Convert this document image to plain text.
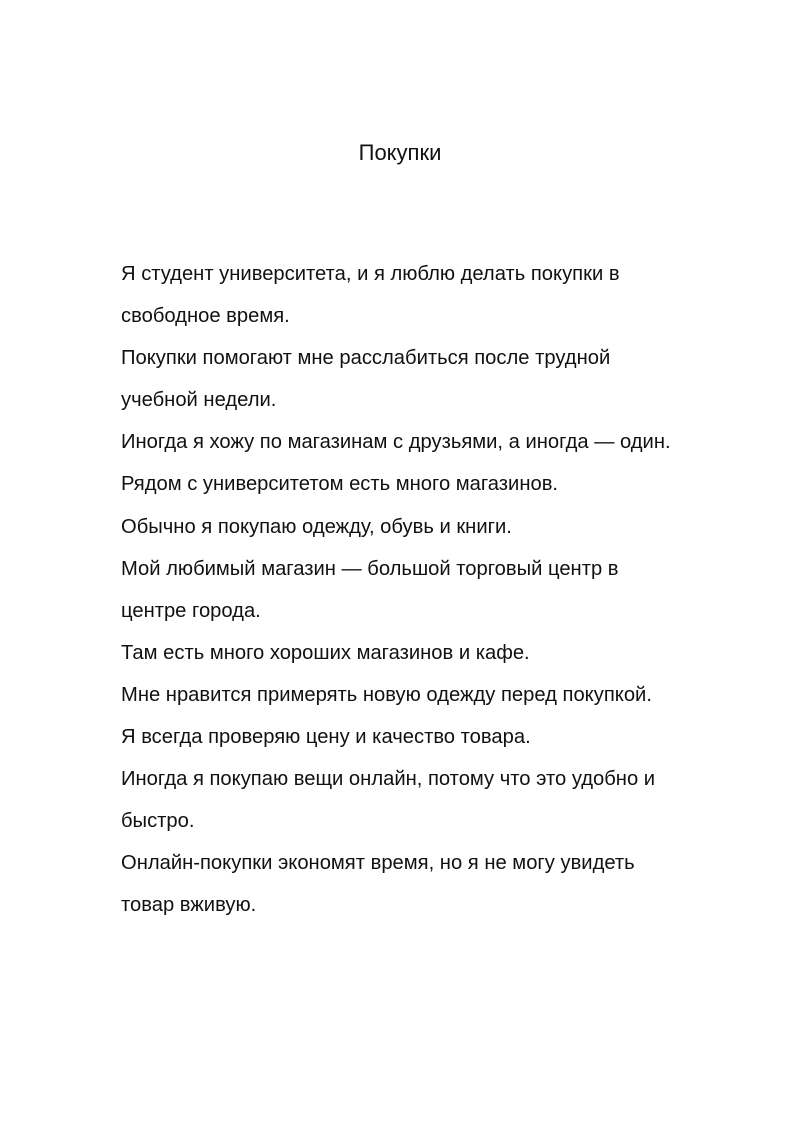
Покупки
Я студент университета, и я люблю делать покупки в свободное время.
Покупки помогают мне расслабиться после трудной учебной недели.
Иногда я хожу по магазинам с друзьями, а иногда — один.
Рядом с университетом есть много магазинов.
Обычно я покупаю одежду, обувь и книги.
Мой любимый магазин — большой торговый центр в центре города.
Там есть много хороших магазинов и кафе.
Мне нравится примерять новую одежду перед покупкой.
Я всегда проверяю цену и качество товара.
Иногда я покупаю вещи онлайн, потому что это удобно и быстро.
Онлайн-покупки экономят время, но я не могу увидеть товар вживую.
